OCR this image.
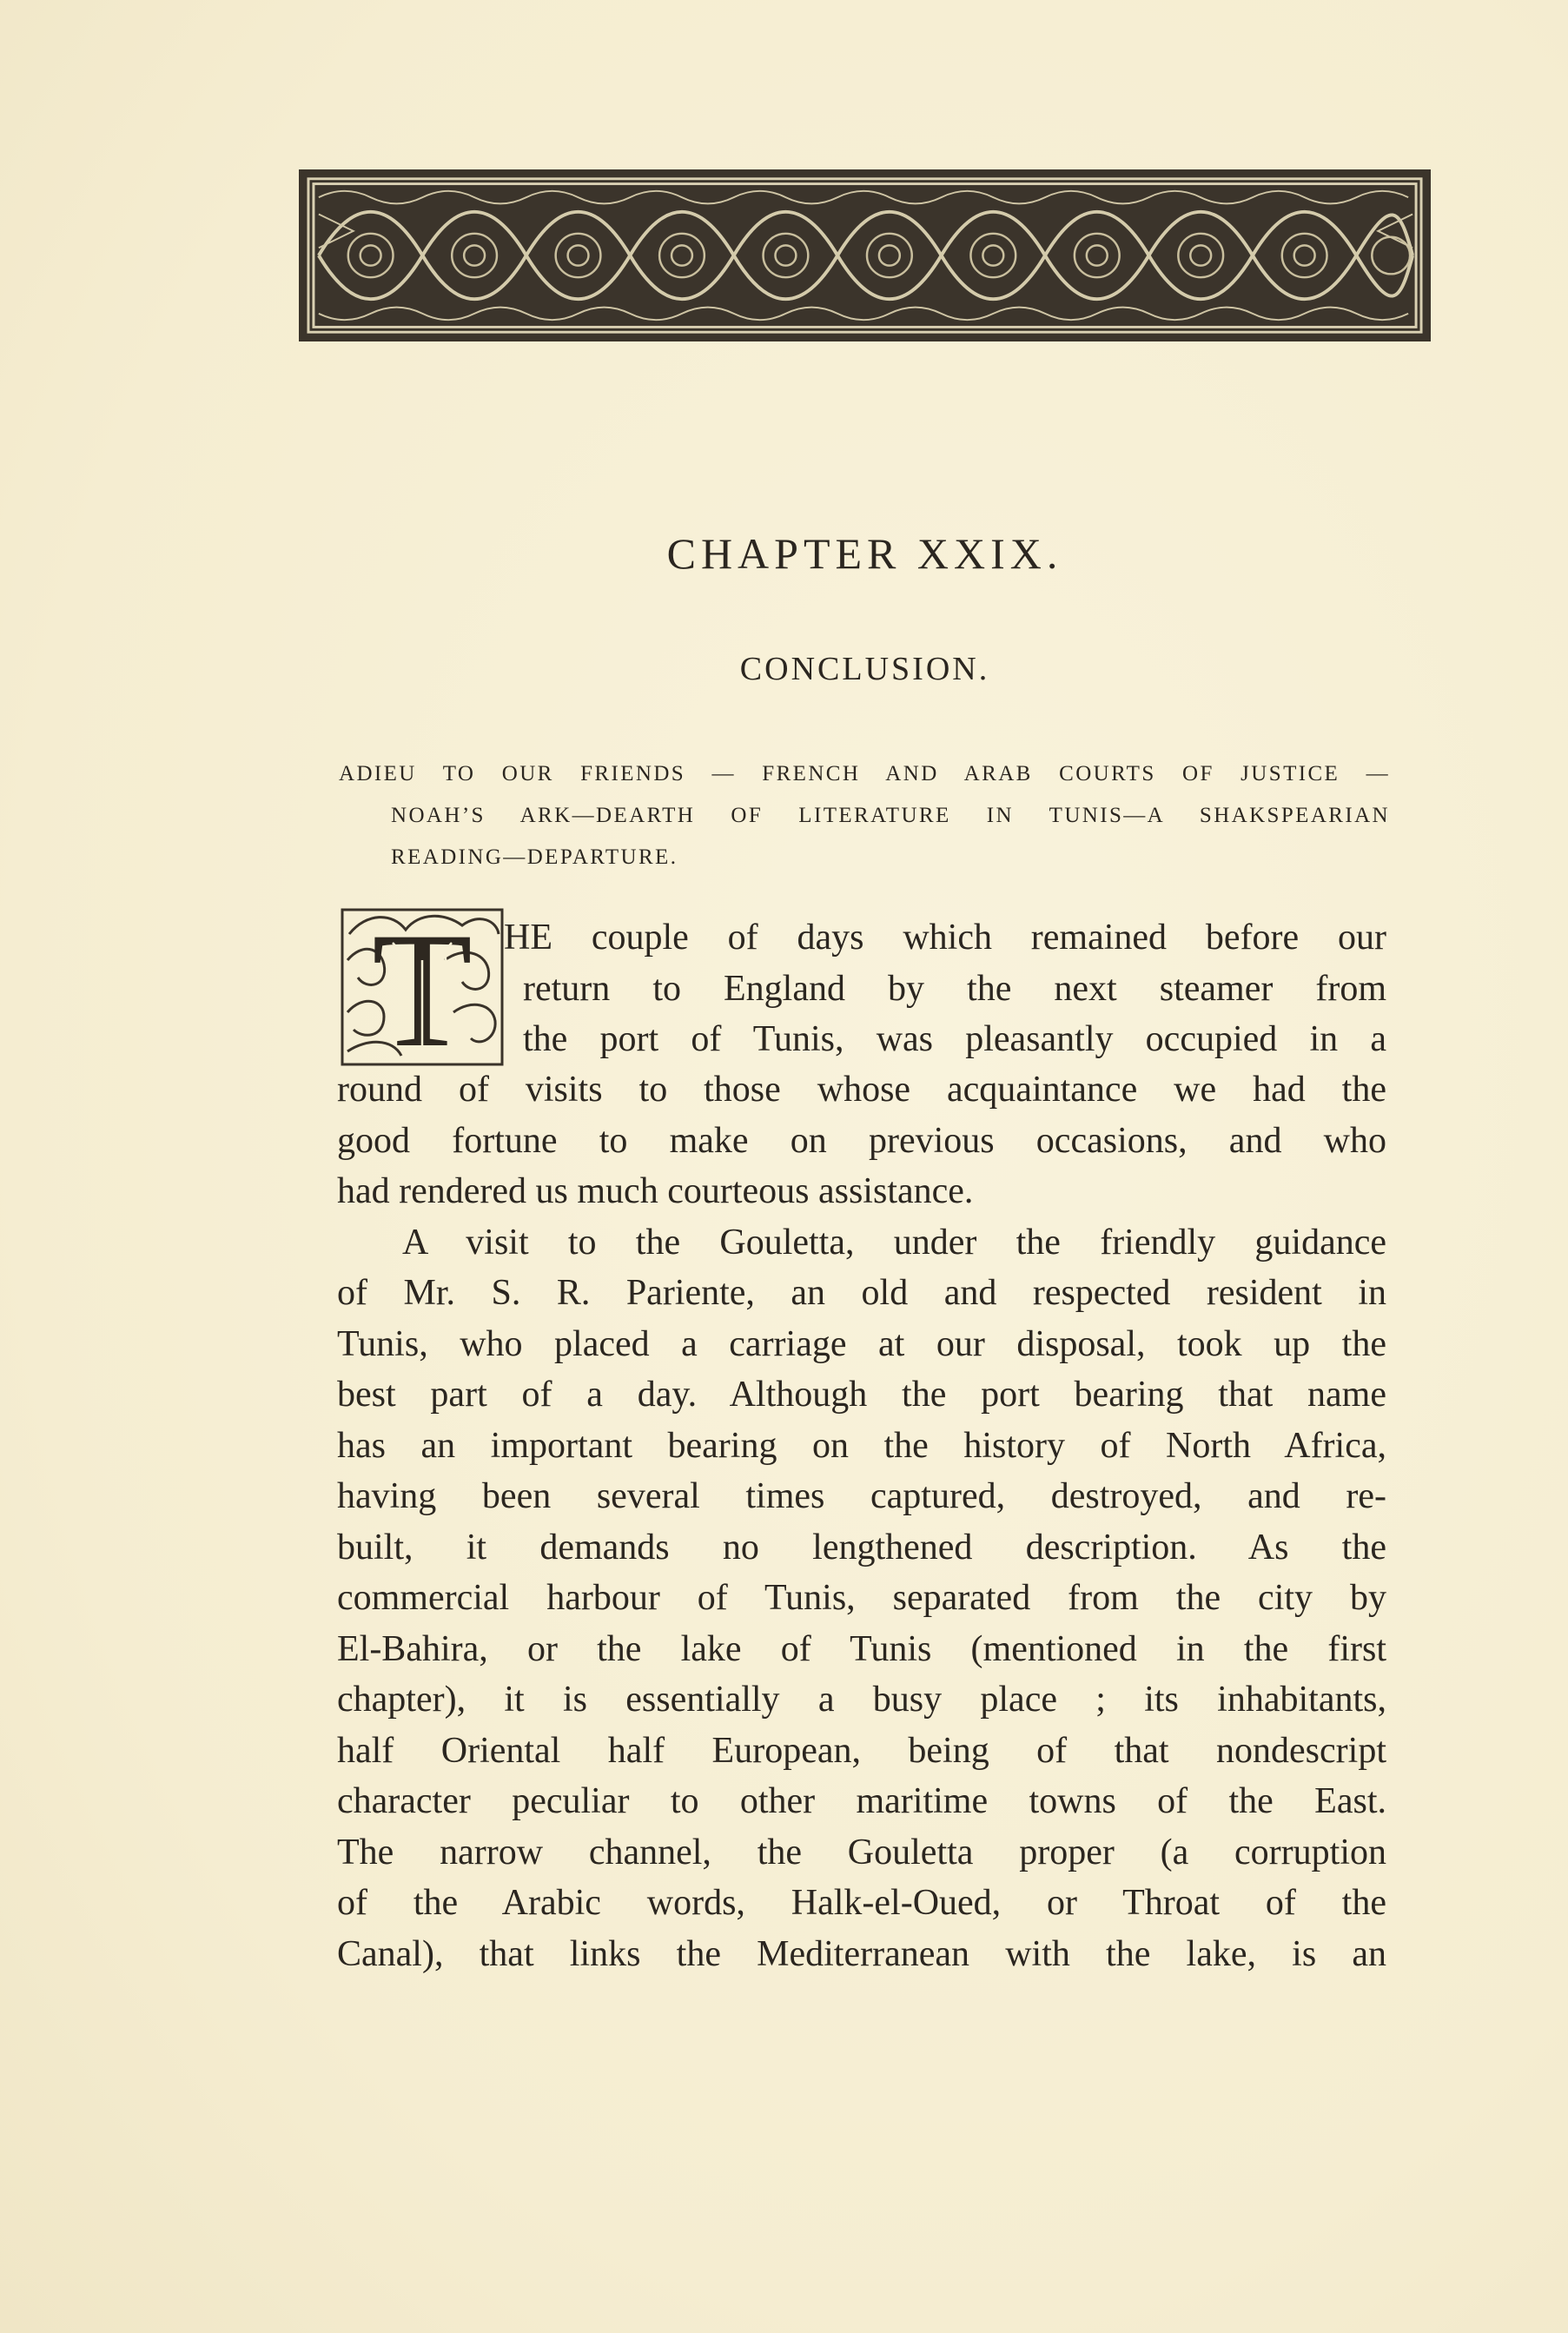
CHAPTER XXIX.
CONCLUSION.
ADIEU TO OUR FRIENDS — FRENCH AND ARAB COURTS OF JUSTICE —
NOAH’S ARK—DEARTH OF LITERATURE IN TUNIS—A SHAKSPEARIAN
READING—DEPARTURE.
T HE couple of days which remained before our
return to England by the next steamer from
the port of Tunis, was pleasantly occupied in a
round of visits to those whose acquaintance we had the
good fortune to make on previous occasions, and who
had rendered us much courteous assistance.
A visit to the Gouletta, under the friendly guidance
of Mr. S. R. Pariente, an old and respected resident in
Tunis, who placed a carriage at our disposal, took up the
best part of a day. Although the port bearing that name
has an important bearing on the history of North Africa,
having been several times captured, destroyed, and re-
built, it demands no lengthened description. As the
commercial harbour of Tunis, separated from the city by
El-Bahira, or the lake of Tunis (mentioned in the first
chapter), it is essentially a busy place ; its inhabitants,
half Oriental half European, being of that nondescript
character peculiar to other maritime towns of the East.
The narrow channel, the Gouletta proper (a corruption
of the Arabic words, Halk-el-Oued, or Throat of the
Canal), that links the Mediterranean with the lake, is an
